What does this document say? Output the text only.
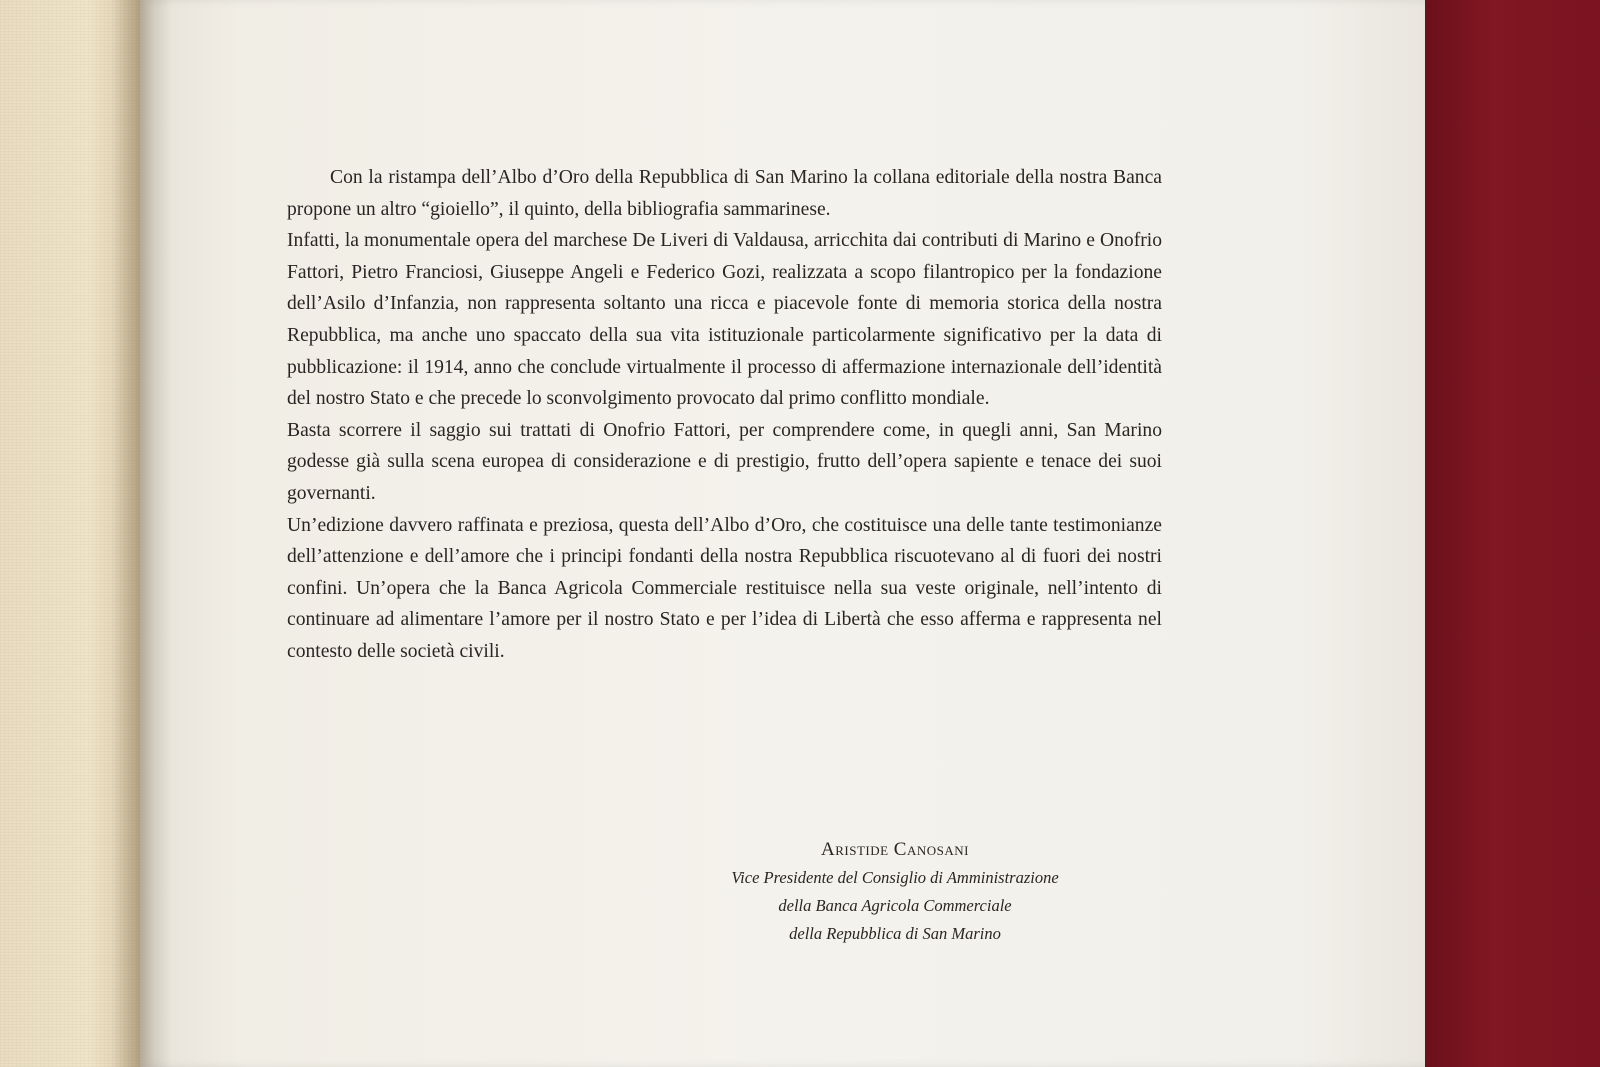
Con la ristampa dell’Albo d’Oro della Repubblica di San Marino la collana editoriale della nostra Banca propone un altro “gioiello”, il quinto, della bibliografia sammarinese.

Infatti, la monumentale opera del marchese De Liveri di Valdausa, arricchita dai contributi di Marino e Onofrio Fattori, Pietro Franciosi, Giuseppe Angeli e Federico Gozi, realizzata a scopo filantropico per la fondazione dell’Asilo d’Infanzia, non rappresenta soltanto una ricca e piacevole fonte di memoria storica della nostra Repubblica, ma anche uno spaccato della sua vita istituzionale particolarmente significativo per la data di pubblicazione: il 1914, anno che conclude virtualmente il processo di affermazione internazionale dell’identità del nostro Stato e che precede lo sconvolgimento provocato dal primo conflitto mondiale.

Basta scorrere il saggio sui trattati di Onofrio Fattori, per comprendere come, in quegli anni, San Marino godesse già sulla scena europea di considerazione e di prestigio, frutto dell’opera sapiente e tenace dei suoi governanti.

Un’edizione davvero raffinata e preziosa, questa dell’Albo d’Oro, che costituisce una delle tante testimonianze dell’attenzione e dell’amore che i principi fondanti della nostra Repubblica riscuotevano al di fuori dei nostri confini. Un’opera che la Banca Agricola Commerciale restituisce nella sua veste originale, nell’intento di continuare ad alimentare l’amore per il nostro Stato e per l’idea di Libertà che esso afferma e rappresenta nel contesto delle società civili.

Aristide Canosani
Vice Presidente del Consiglio di Amministrazione
della Banca Agricola Commerciale
della Repubblica di San Marino
